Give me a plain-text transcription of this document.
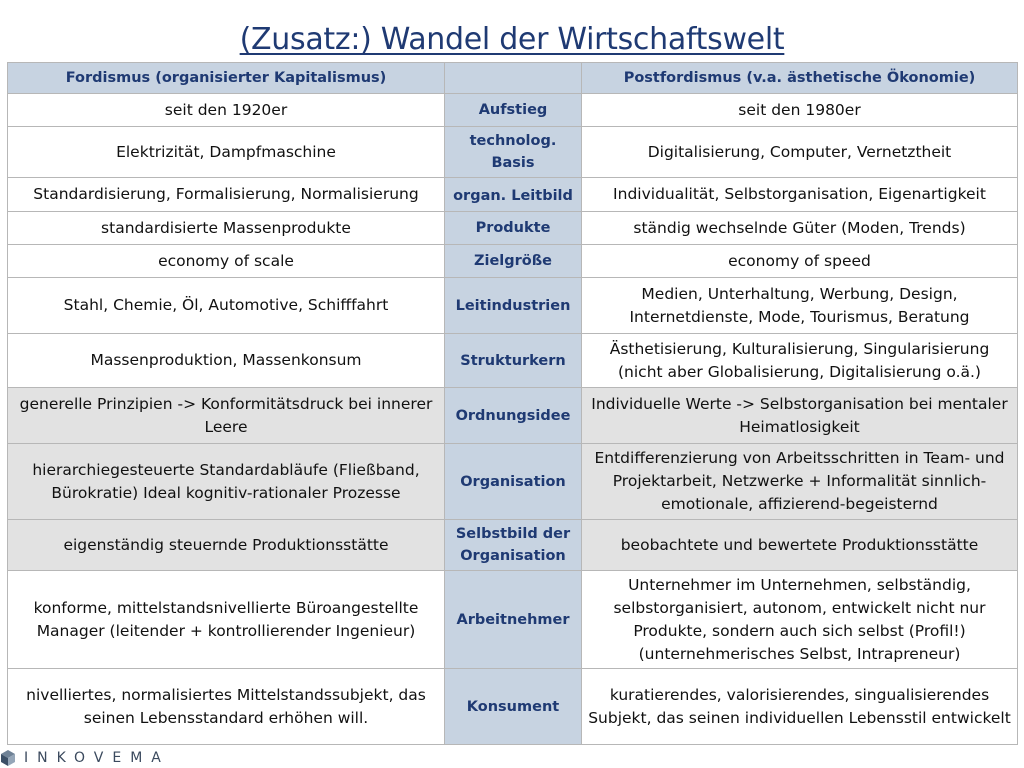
(Zusatz:) Wandel der Wirtschaftswelt
Fordismus (organisierter Kapitalismus)		Postfordismus (v.a. ästhetische Ökonomie)
seit den 1920er	Aufstieg	seit den 1980er
Elektrizität, Dampfmaschine	technolog. Basis	Digitalisierung, Computer, Vernetztheit
Standardisierung, Formalisierung, Normalisierung	organ. Leitbild	Individualität, Selbstorganisation, Eigenartigkeit
standardisierte Massenprodukte	Produkte	ständig wechselnde Güter (Moden, Trends)
economy of scale	Zielgröße	economy of speed
Stahl, Chemie, Öl, Automotive, Schifffahrt	Leitindustrien	Medien, Unterhaltung, Werbung, Design, Internetdienste, Mode, Tourismus, Beratung
Massenproduktion, Massenkonsum	Strukturkern	Ästhetisierung, Kulturalisierung, Singularisierung (nicht aber Globalisierung, Digitalisierung o.ä.)
generelle Prinzipien -> Konformitätsdruck bei innerer Leere	Ordnungsidee	Individuelle Werte -> Selbstorganisation bei mentaler Heimatlosigkeit
hierarchiegesteuerte Standardabläufe (Fließband, Bürokratie) Ideal kognitiv-rationaler Prozesse	Organisation	Entdifferenzierung von Arbeitsschritten in Team- und Projektarbeit, Netzwerke + Informalität sinnlich-emotionale, affizierend-begeisternd
eigenständig steuernde Produktionsstätte	Selbstbild der Organisation	beobachtete und bewertete Produktionsstätte
konforme, mittelstandsnivellierte Büroangestellte Manager (leitender + kontrollierender Ingenieur)	Arbeitnehmer	Unternehmer im Unternehmen, selbständig, selbstorganisiert, autonom, entwickelt nicht nur Produkte, sondern auch sich selbst (Profil!) (unternehmerisches Selbst, Intrapreneur)
nivelliertes, normalisiertes Mittelstandssubjekt, das seinen Lebensstandard erhöhen will.	Konsument	kuratierendes, valorisierendes, singualisierendes Subjekt, das seinen individuellen Lebensstil entwickelt
INKOVEMA
